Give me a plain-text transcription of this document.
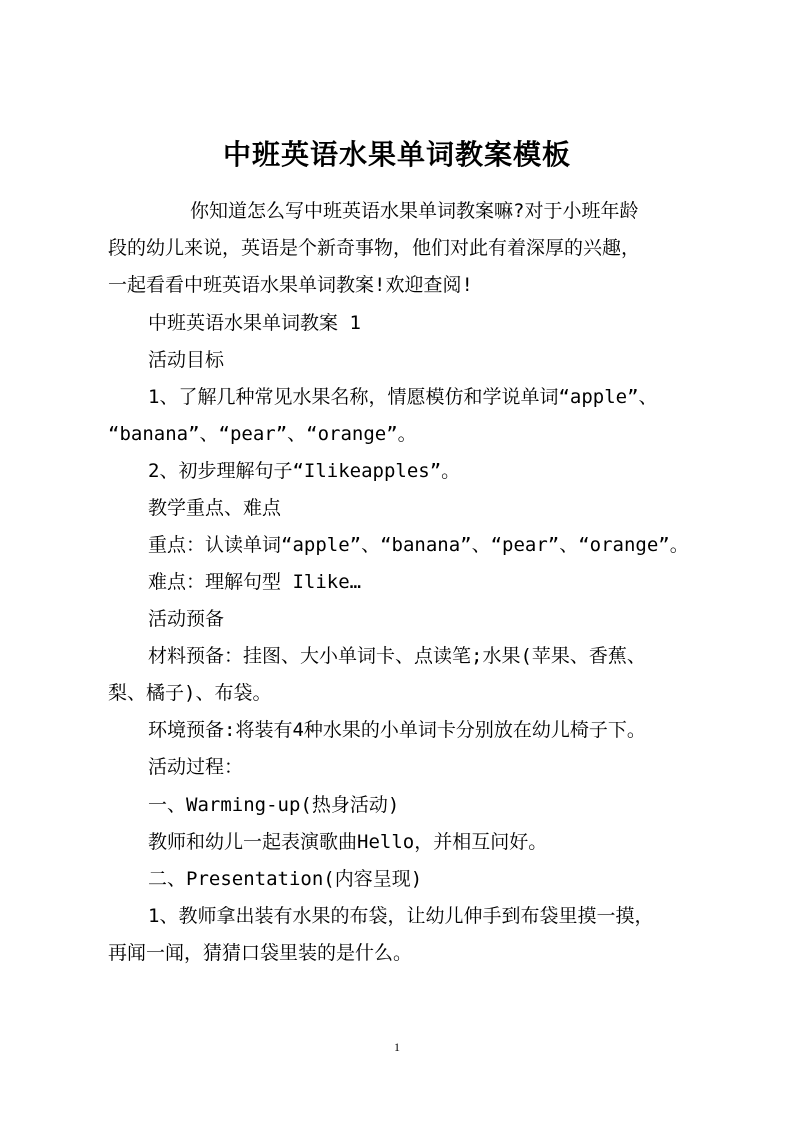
中班英语水果单词教案模板
你知道怎么写中班英语水果单词教案嘛?对于小班年龄
段的幼儿来说，英语是个新奇事物，他们对此有着深厚的兴趣，
一起看看中班英语水果单词教案!欢迎查阅!
中班英语水果单词教案 1
活动目标
1、了解几种常见水果名称，情愿模仿和学说单词“apple”、
“banana”、“pear”、“orange”。
2、初步理解句子“Ilikeapples”。
教学重点、难点
重点：认读单词“apple”、“banana”、“pear”、“orange”。
难点：理解句型 Ilike…
活动预备
材料预备：挂图、大小单词卡、点读笔;水果(苹果、香蕉、
梨、橘子)、布袋。
环境预备:将装有4种水果的小单词卡分别放在幼儿椅子下。
活动过程：
一、Warming-up(热身活动)
教师和幼儿一起表演歌曲Hello，并相互问好。
二、Presentation(内容呈现)
1、教师拿出装有水果的布袋，让幼儿伸手到布袋里摸一摸，
再闻一闻，猜猜口袋里装的是什么。
1
